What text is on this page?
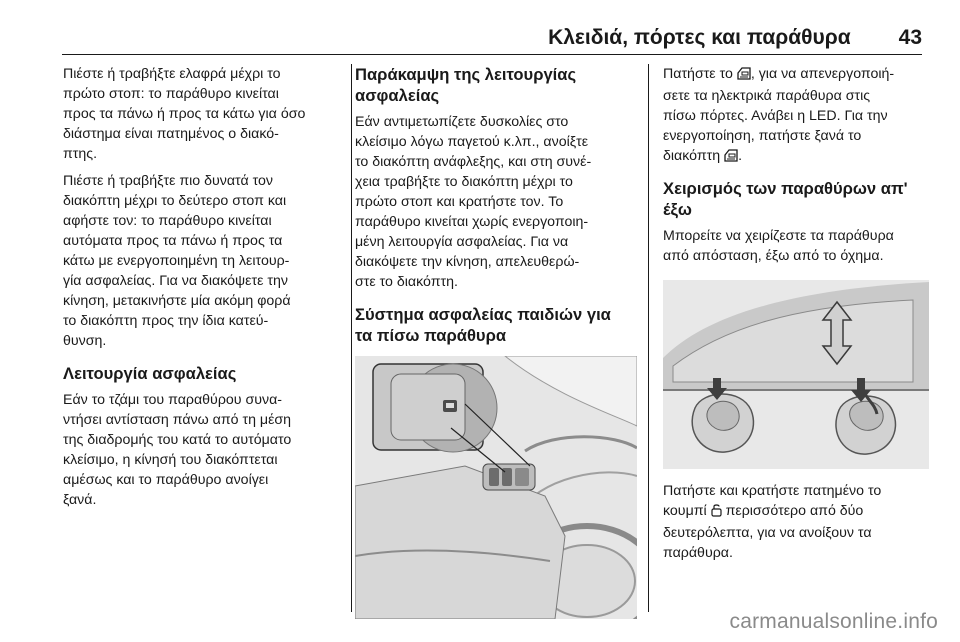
Κλειδιά, πόρτες και παράθυρα 43

Πιέστε ή τραβήξτε ελαφρά μέχρι το
πρώτο στοπ: το παράθυρο κινείται
προς τα πάνω ή προς τα κάτω για όσο
διάστημα είναι πατημένος ο διακό-
πτης.

Πιέστε ή τραβήξτε πιο δυνατά τον
διακόπτη μέχρι το δεύτερο στοπ και
αφήστε τον: το παράθυρο κινείται
αυτόματα προς τα πάνω ή προς τα
κάτω με ενεργοποιημένη τη λειτουρ-
γία ασφαλείας. Για να διακόψετε την
κίνηση, μετακινήστε μία ακόμη φορά
το διακόπτη προς την ίδια κατεύ-
θυνση.

Λειτουργία ασφαλείας

Εάν το τζάμι του παραθύρου συνα-
ντήσει αντίσταση πάνω από τη μέση
της διαδρομής του κατά το αυτόματο
κλείσιμο, η κίνησή του διακόπτεται
αμέσως και το παράθυρο ανοίγει
ξανά.

Παράκαμψη της λειτουργίας
ασφαλείας

Εάν αντιμετωπίζετε δυσκολίες στο
κλείσιμο λόγω παγετού κ.λπ., ανοίξτε
το διακόπτη ανάφλεξης, και στη συνέ-
χεια τραβήξτε το διακόπτη μέχρι το
πρώτο στοπ και κρατήστε τον. Το
παράθυρο κινείται χωρίς ενεργοποιη-
μένη λειτουργία ασφαλείας. Για να
διακόψετε την κίνηση, απελευθερώ-
στε το διακόπτη.

Σύστημα ασφαλείας παιδιών για
τα πίσω παράθυρα

Πατήστε το , για να απενεργοποιή-
σετε τα ηλεκτρικά παράθυρα στις
πίσω πόρτες. Ανάβει η LED. Για την
ενεργοποίηση, πατήστε ξανά το
διακόπτη .

Χειρισμός των παραθύρων απ'
έξω

Μπορείτε να χειρίζεστε τα παράθυρα
από απόσταση, έξω από το όχημα.

Πατήστε και κρατήστε πατημένο το
κουμπί  περισσότερο από δύο
δευτερόλεπτα, για να ανοίξουν τα
παράθυρα.

carmanualsonline.info
